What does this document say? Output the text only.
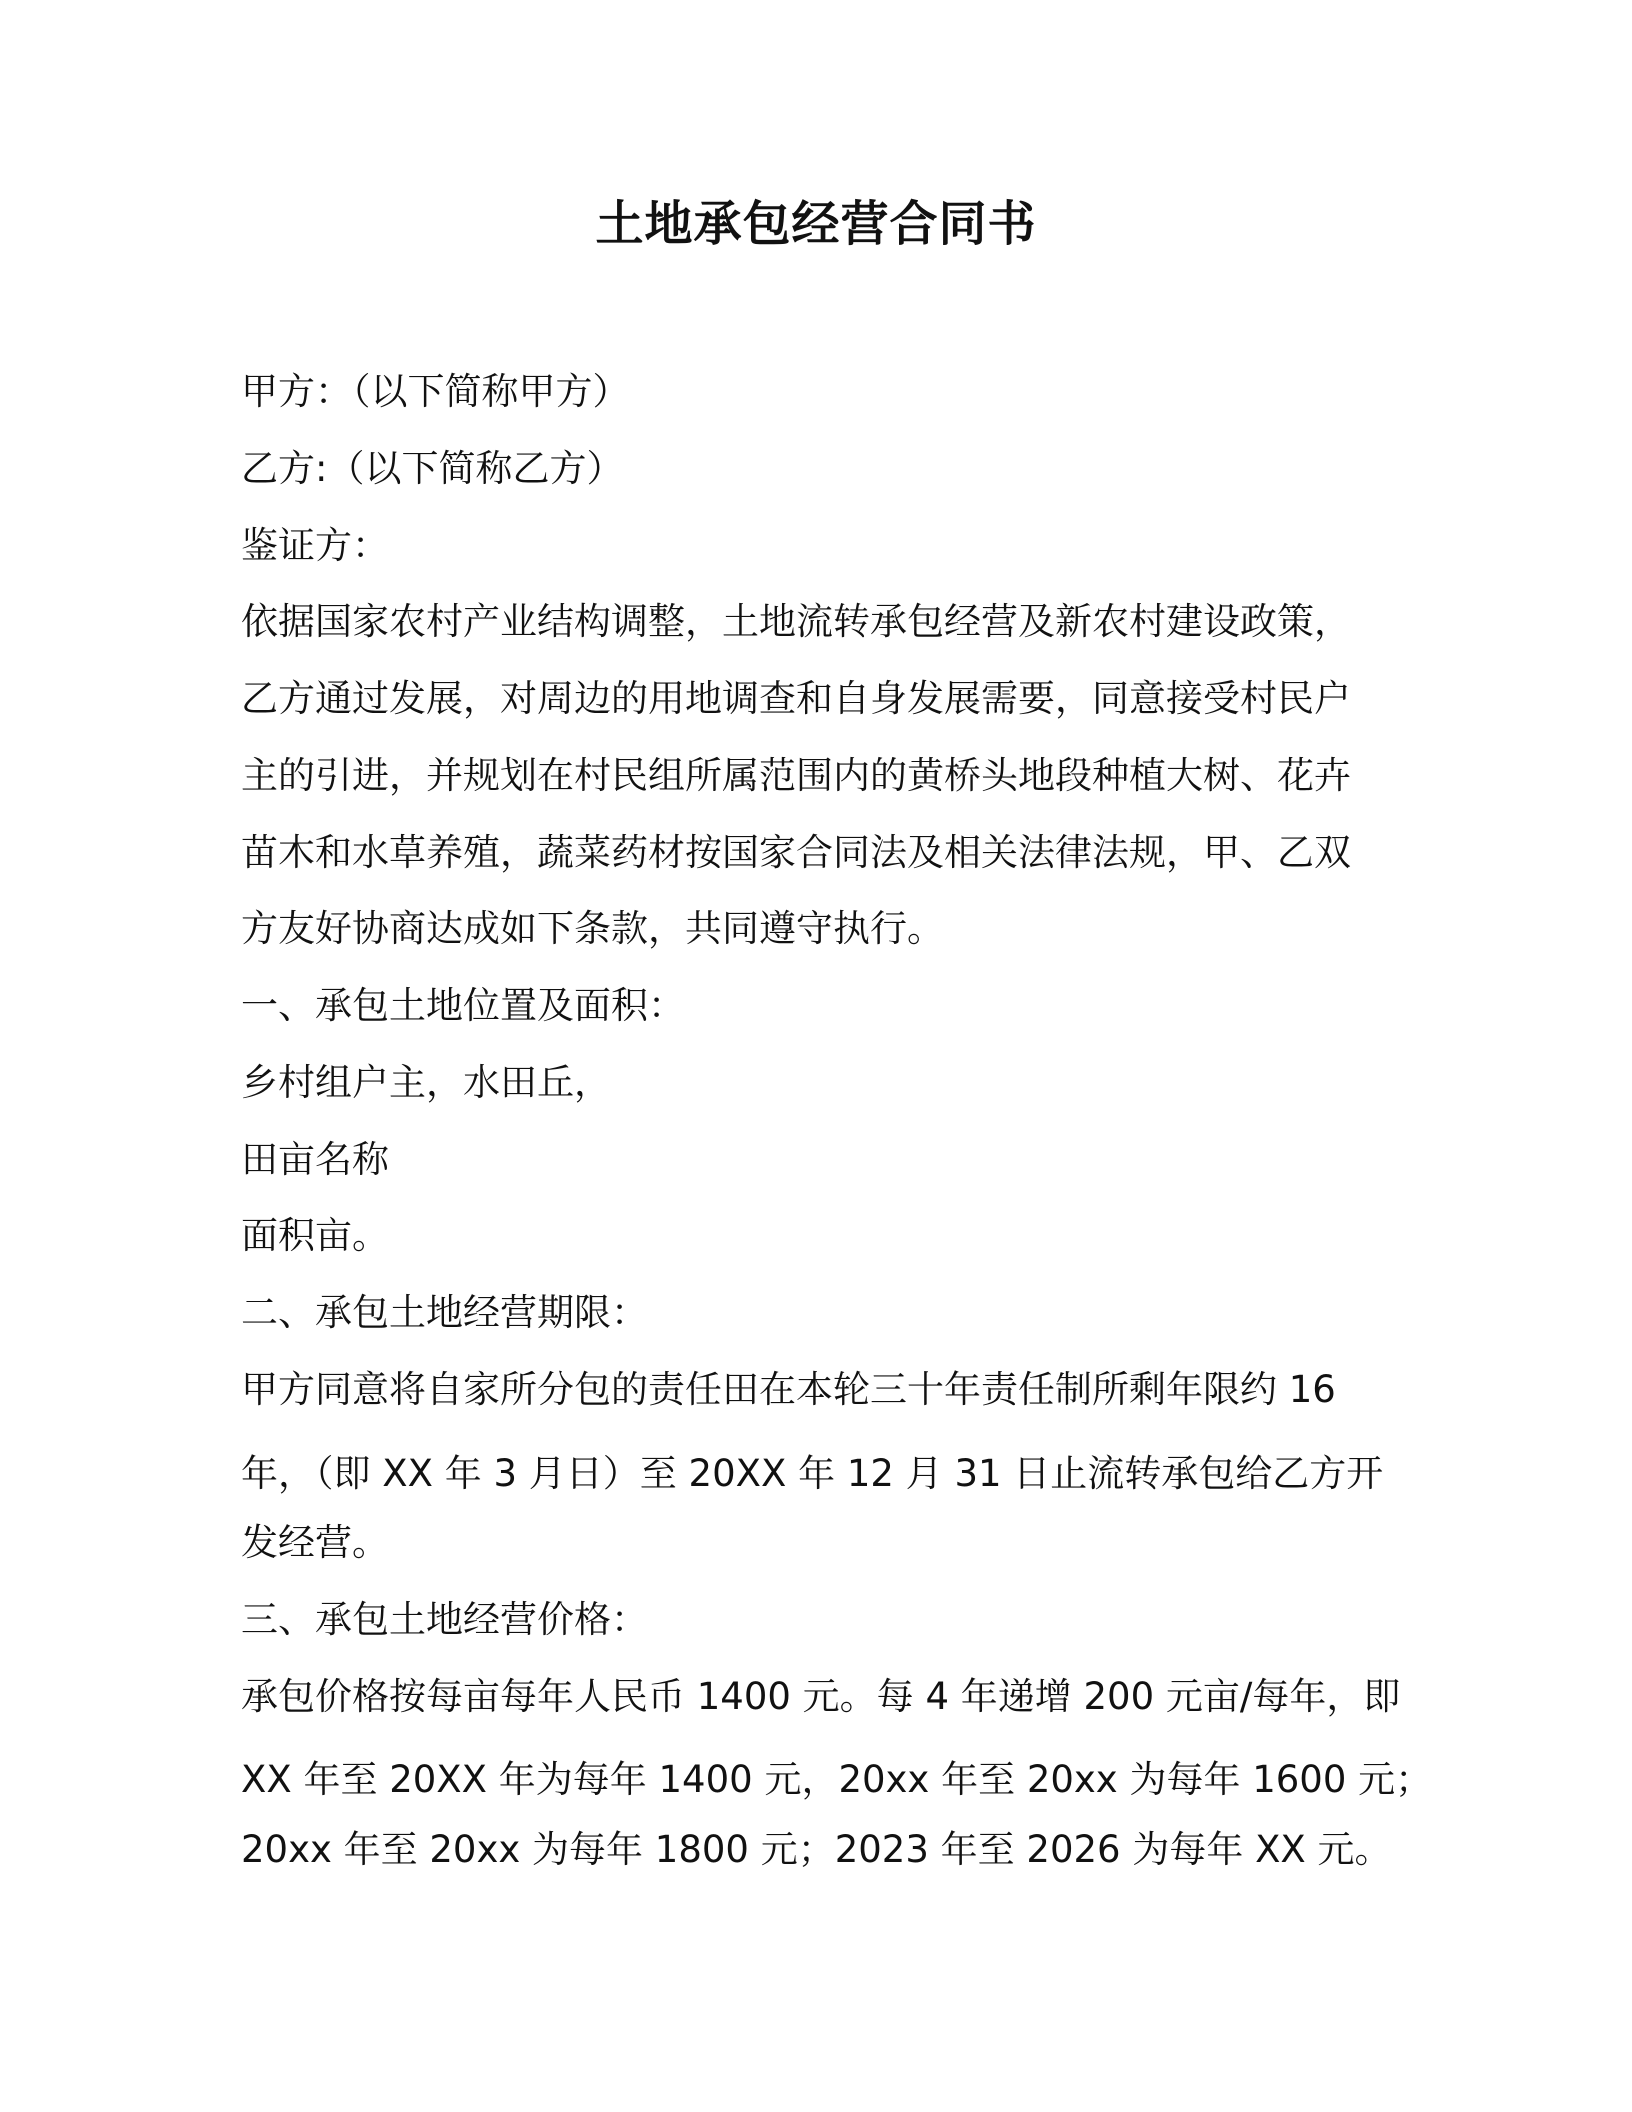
土地承包经营合同书

甲方：（以下简称甲方）

乙方:（以下简称乙方）

鉴证方：

依据国家农村产业结构调整，土地流转承包经营及新农村建设政策，

乙方通过发展，对周边的用地调查和自身发展需要，同意接受村民户

主的引进，并规划在村民组所属范围内的黄桥头地段种植大树、花卉

苗木和水草养殖，蔬菜药材按国家合同法及相关法律法规，甲、乙双

方友好协商达成如下条款，共同遵守执行。

一、承包土地位置及面积：

乡村组户主，水田丘，

田亩名称

面积亩。

二、承包土地经营期限：

甲方同意将自家所分包的责任田在本轮三十年责任制所剩年限约 16

年，（即 XX 年 3 月日）至 20XX 年 12 月 31 日止流转承包给乙方开

发经营。

三、承包土地经营价格：

承包价格按每亩每年人民币 1400 元。每 4 年递增 200 元亩/每年，即

XX 年至 20XX 年为每年 1400 元，20xx 年至 20xx 为每年 1600 元；

20xx 年至 20xx 为每年 1800 元；2023 年至 2026 为每年 XX 元。
